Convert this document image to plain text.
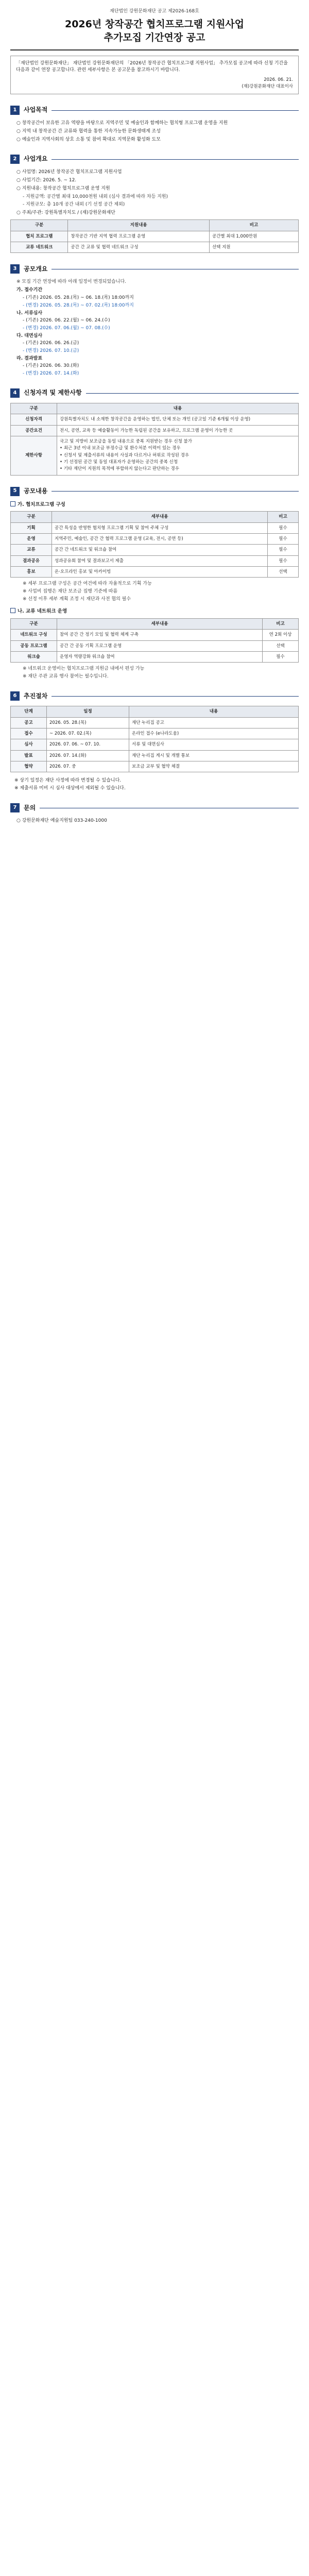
재단법인 강원문화재단 공고 제2026-168호
2026년 창작공간 협치프로그램 지원사업
추가모집 기간연장 공고
「재단법인 강원문화재단」 재단법인 강원문화재단의 「2026년 창작공간 협치프로그램 지원사업」 추가모집 공고에 따라 신청 기간을 다음과 같이 연장 공고합니다. 관련 세부사항은 본 공고문을 참고하시기 바랍니다.
2026. 06. 21.
(재)강원문화재단 대표이사
1	사업목적
○ 창작공간이 보유한 고유 역량을 바탕으로 지역주민 및 예술인과 함께하는 협치형 프로그램 운영을 지원
○ 지역 내 창작공간 간 교류와 협력을 통한 지속가능한 문화생태계 조성
○ 예술인과 지역사회의 상호 소통 및 참여 확대로 지역문화 활성화 도모
2	사업개요
○ 사업명: 2026년 창작공간 협치프로그램 지원사업
○ 사업기간: 2026. 5. ~ 12.
○ 지원내용: 창작공간 협치프로그램 운영 지원
- 지원금액: 공간별 최대 10,000천원 내외 (심사 결과에 따라 차등 지원)
- 지원규모: 총 10개 공간 내외 (기 선정 공간 제외)
○ 주최/주관: 강원특별자치도 / (재)강원문화재단
구분	지원내용	비고
협치 프로그램	창작공간 기반 지역 협력 프로그램 운영	공간별 최대 1,000만원
교류 네트워크	공간 간 교류 및 협력 네트워크 구성	선택 지원
3	공모개요
※ 모집 기간 연장에 따라 아래 일정이 변경되었습니다.
가. 접수기간
- (기존) 2026. 05. 28.(목) ~ 06. 18.(목) 18:00까지
- (변경) 2026. 05. 28.(목) ~ 07. 02.(목) 18:00까지
나. 서류심사
- (기존) 2026. 06. 22.(월) ~ 06. 24.(수)
- (변경) 2026. 07. 06.(월) ~ 07. 08.(수)
다. 대면심사
- (기존) 2026. 06. 26.(금)
- (변경) 2026. 07. 10.(금)
라. 결과발표
- (기존) 2026. 06. 30.(화)
- (변경) 2026. 07. 14.(화)
4	신청자격 및 제한사항
구분	내용
신청자격	강원특별자치도 내 소재한 창작공간을 운영하는 법인, 단체 또는 개인 (공고일 기준 6개월 이상 운영)
공간요건	전시, 공연, 교육 등 예술활동이 가능한 독립된 공간을 보유하고, 프로그램 운영이 가능한 곳
제한사항	국고 및 지방비 보조금을 동일 내용으로 중복 지원받는 경우 신청 불가
• 최근 3년 이내 보조금 부정수급 및 환수처분 이력이 있는 경우
• 신청서 및 제출서류의 내용이 사실과 다르거나 허위로 작성된 경우
• 기 선정된 공간 및 동일 대표자가 운영하는 공간의 중복 신청
• 기타 재단이 지원의 목적에 부합하지 않는다고 판단하는 경우
5	공모내용
가. 협치프로그램 구성
구분	세부내용	비고
기획	공간 특성을 반영한 협치형 프로그램 기획 및 참여 주체 구성	필수
운영	지역주민, 예술인, 공간 간 협력 프로그램 운영 (교육, 전시, 공연 등)	필수
교류	공간 간 네트워크 및 워크숍 참여	필수
결과공유	성과공유회 참여 및 결과보고서 제출	필수
홍보	온·오프라인 홍보 및 아카이빙	선택
※ 세부 프로그램 구성은 공간 여건에 따라 자율적으로 기획 가능
※ 사업비 집행은 재단 보조금 집행 기준에 따름
※ 선정 이후 세부 계획 조정 시 재단과 사전 협의 필수
나. 교류 네트워크 운영
구분	세부내용	비고
네트워크 구성	참여 공간 간 정기 모임 및 협력 체계 구축	연 2회 이상
공동 프로그램	공간 간 공동 기획 프로그램 운영	선택
워크숍	운영자 역량강화 워크숍 참여	필수
※ 네트워크 운영비는 협치프로그램 지원금 내에서 편성 가능
※ 재단 주관 교류 행사 참여는 필수입니다.
6	추진절차
단계	일정	내용
공고	2026. 05. 28.(목)	재단 누리집 공고
접수	~ 2026. 07. 02.(목)	온라인 접수 (e나라도움)
심사	2026. 07. 06. ~ 07. 10.	서류 및 대면심사
발표	2026. 07. 14.(화)	재단 누리집 게시 및 개별 통보
협약	2026. 07. 중	보조금 교부 및 협약 체결

※ 상기 일정은 재단 사정에 따라 변경될 수 있습니다.

※ 제출서류 미비 시 심사 대상에서 제외될 수 있습니다.

7	문의
○ 강원문화재단 예술지원팀 033-240-1000
